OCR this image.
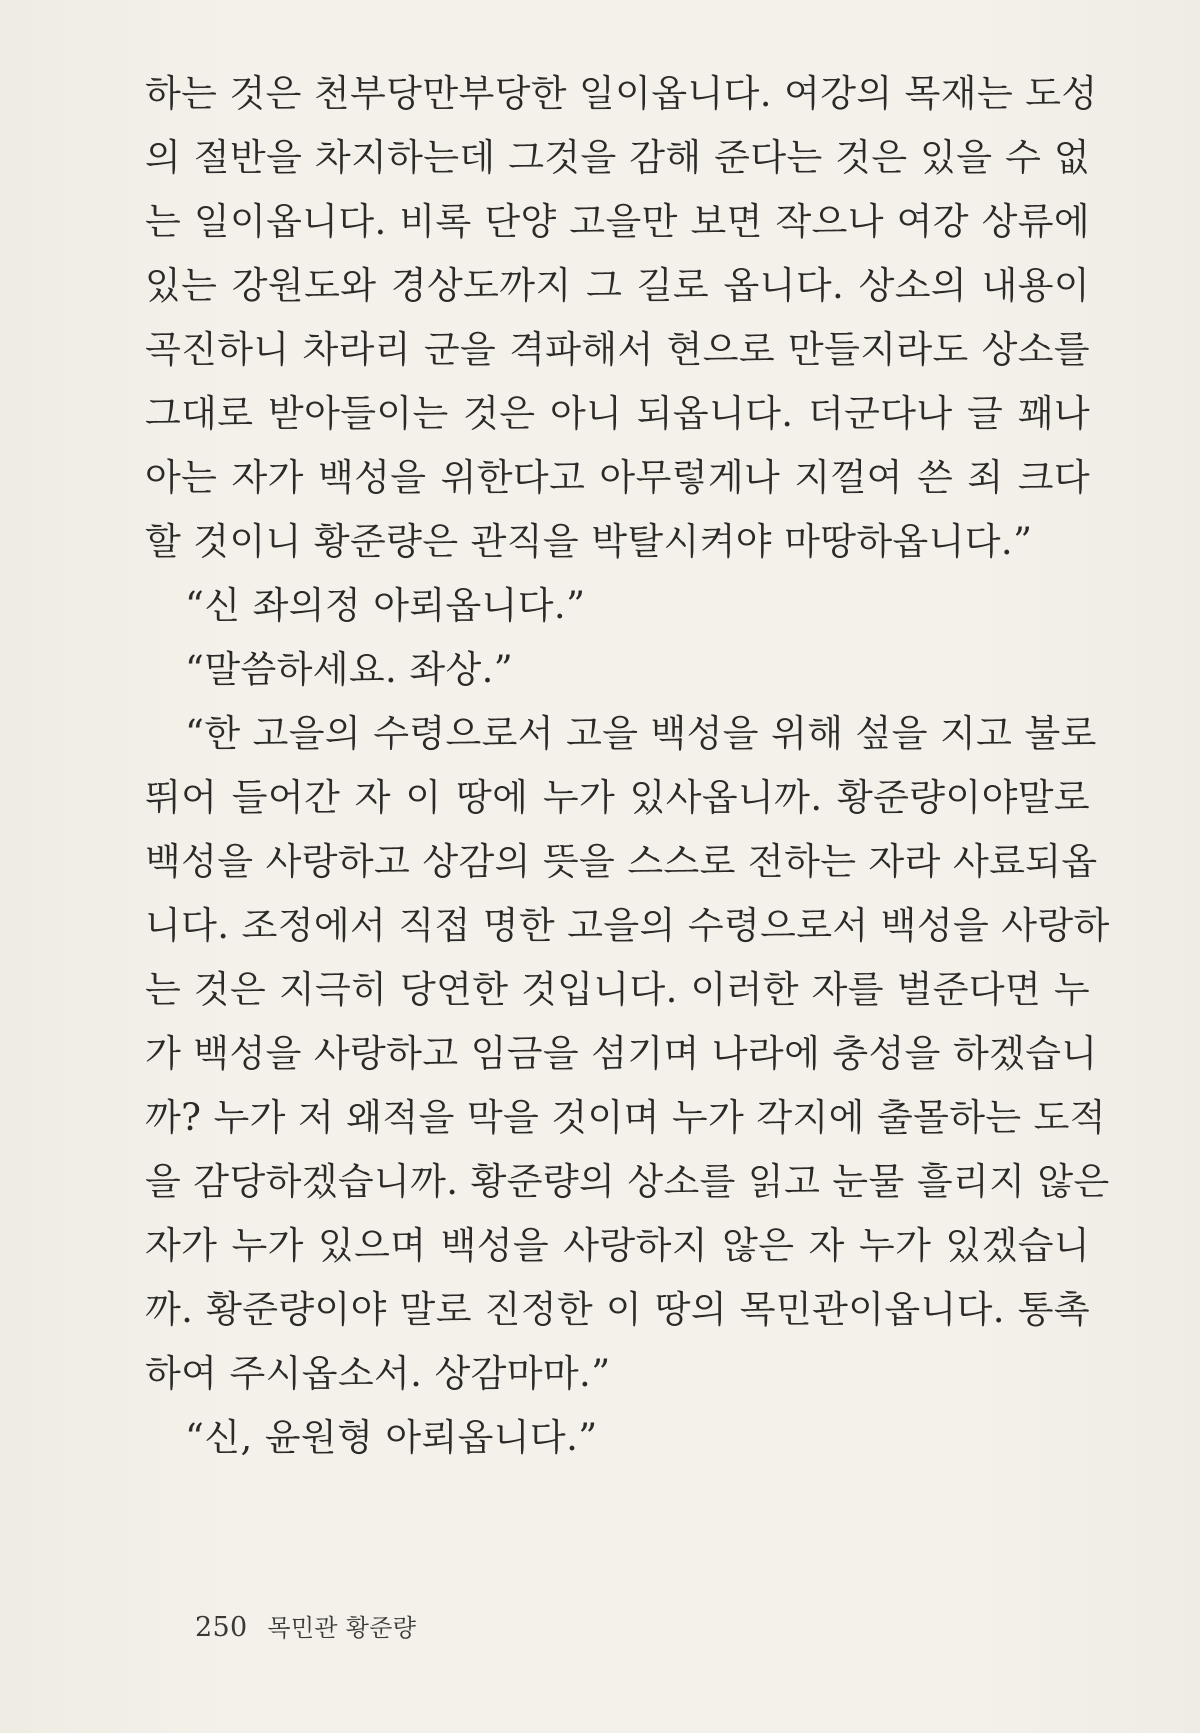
하는 것은 천부당만부당한 일이옵니다. 여강의 목재는 도성
의 절반을 차지하는데 그것을 감해 준다는 것은 있을 수 없
는 일이옵니다. 비록 단양 고을만 보면 작으나 여강 상류에
있는 강원도와 경상도까지 그 길로 옵니다. 상소의 내용이
곡진하니 차라리 군을 격파해서 현으로 만들지라도 상소를
그대로 받아들이는 것은 아니 되옵니다. 더군다나 글 꽤나
아는 자가 백성을 위한다고 아무렇게나 지껄여 쓴 죄 크다
할 것이니 황준량은 관직을 박탈시켜야 마땅하옵니다.”
“신 좌의정 아뢰옵니다.”
“말씀하세요. 좌상.”
“한 고을의 수령으로서 고을 백성을 위해 섶을 지고 불로
뛰어 들어간 자 이 땅에 누가 있사옵니까. 황준량이야말로
백성을 사랑하고 상감의 뜻을 스스로 전하는 자라 사료되옵
니다. 조정에서 직접 명한 고을의 수령으로서 백성을 사랑하
는 것은 지극히 당연한 것입니다. 이러한 자를 벌준다면 누
가 백성을 사랑하고 임금을 섬기며 나라에 충성을 하겠습니
까? 누가 저 왜적을 막을 것이며 누가 각지에 출몰하는 도적
을 감당하겠습니까. 황준량의 상소를 읽고 눈물 흘리지 않은
자가 누가 있으며 백성을 사랑하지 않은 자 누가 있겠습니
까. 황준량이야 말로 진정한 이 땅의 목민관이옵니다. 통촉
하여 주시옵소서. 상감마마.”
“신, 윤원형 아뢰옵니다.”
250 목민관 황준량
